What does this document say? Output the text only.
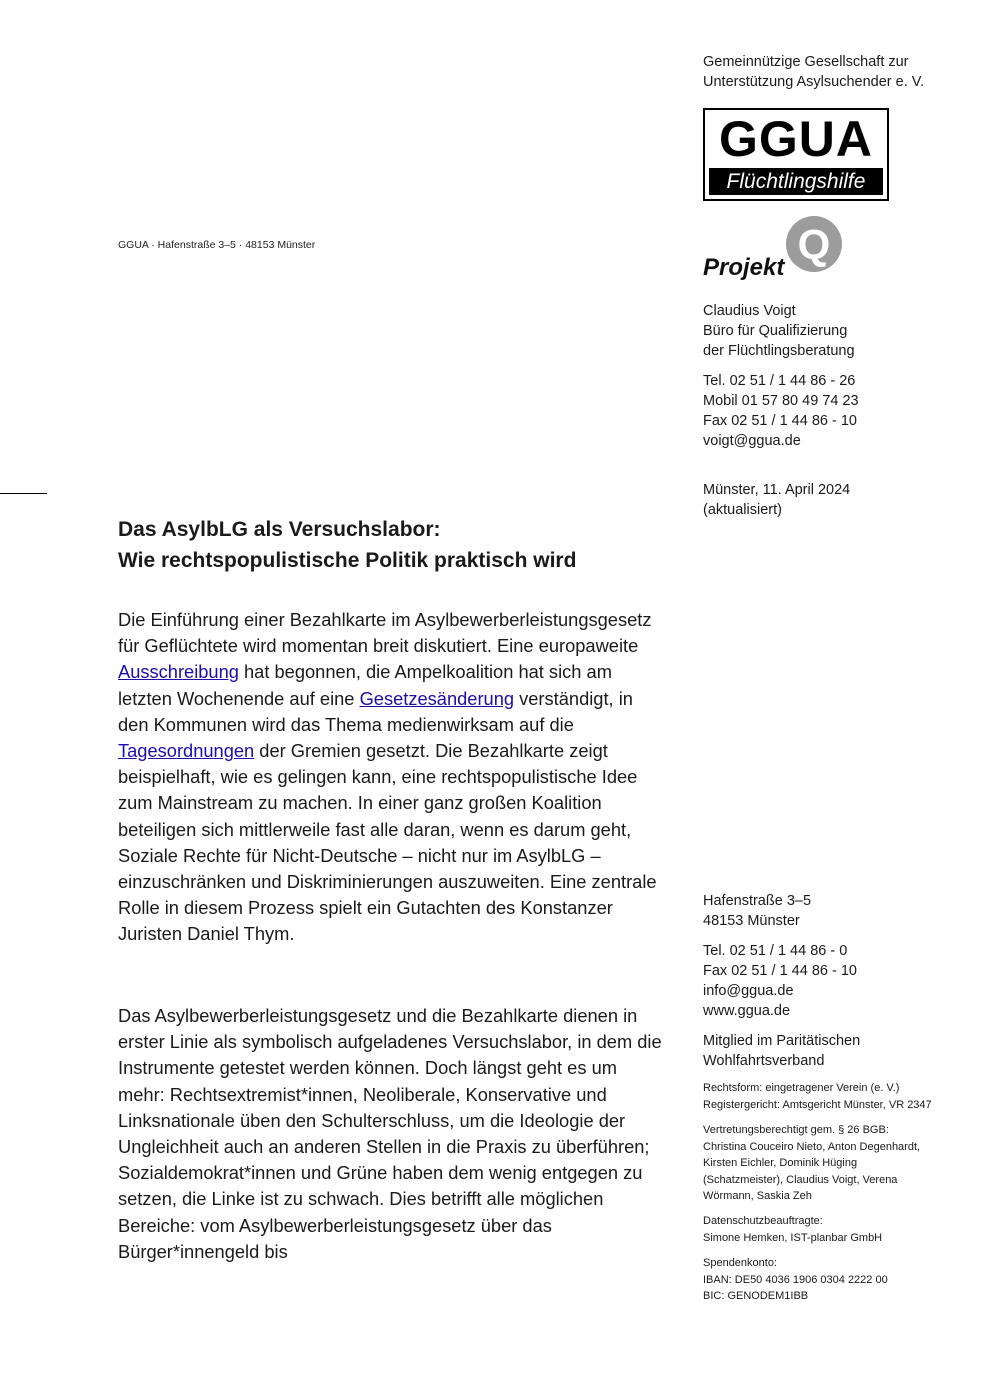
Gemeinnützige Gesellschaft zur
Unterstützung Asylsuchender e. V.
GGUA
Flüchtlingshilfe
Q
Projekt
GGUA · Hafenstraße 3–5 · 48153 Münster
Claudius Voigt
Büro für Qualifizierung
der Flüchtlingsberatung
Tel. 02 51 / 1 44 86 - 26
Mobil 01 57 80 49 74 23
Fax 02 51 / 1 44 86 - 10
voigt@ggua.de
Münster, 11. April 2024
(aktualisiert)
Das AsylbLG als Versuchslabor:
Wie rechtspopulistische Politik praktisch wird
Die Einführung einer Bezahlkarte im Asylbewerberleistungsgesetz für Geflüchtete wird momentan breit diskutiert. Eine europaweite Ausschreibung hat begonnen, die Ampelkoalition hat sich am letzten Wochenende auf eine Gesetzesänderung verständigt, in den Kommunen wird das Thema medienwirksam auf die Tagesordnungen der Gremien gesetzt. Die Bezahlkarte zeigt beispielhaft, wie es gelingen kann, eine rechtspopulistische Idee zum Mainstream zu machen. In einer ganz großen Koalition beteiligen sich mittlerweile fast alle daran, wenn es darum geht, Soziale Rechte für Nicht-Deutsche – nicht nur im AsylbLG – einzuschränken und Diskriminierungen auszuweiten. Eine zentrale Rolle in diesem Prozess spielt ein Gutachten des Konstanzer Juristen Daniel Thym.
Das Asylbewerberleistungsgesetz und die Bezahlkarte dienen in erster Linie als symbolisch aufgeladenes Versuchslabor, in dem die Instrumente getestet werden können. Doch längst geht es um mehr: Rechtsextremist*innen, Neoliberale, Konservative und Linksnationale üben den Schulterschluss, um die Ideologie der Ungleichheit auch an anderen Stellen in die Praxis zu überführen; Sozialdemokrat*innen und Grüne haben dem wenig entgegen zu setzen, die Linke ist zu schwach. Dies betrifft alle möglichen Bereiche: vom Asylbewerberleistungsgesetz über das Bürger*innengeld bis
Hafenstraße 3–5
48153 Münster
Tel. 02 51 / 1 44 86 - 0
Fax 02 51 / 1 44 86 - 10
info@ggua.de
www.ggua.de
Mitglied im Paritätischen
Wohlfahrtsverband
Rechtsform: eingetragener Verein (e. V.)
Registergericht: Amtsgericht Münster, VR 2347
Vertretungsberechtigt gem. § 26 BGB:
Christina Couceiro Nieto, Anton Degenhardt,
Kirsten Eichler, Dominik Hüging
(Schatzmeister), Claudius Voigt, Verena
Wörmann, Saskia Zeh
Datenschutzbeauftragte:
Simone Hemken, IST-planbar GmbH
Spendenkonto:
IBAN: DE50 4036 1906 0304 2222 00
BIC: GENODEM1IBB
